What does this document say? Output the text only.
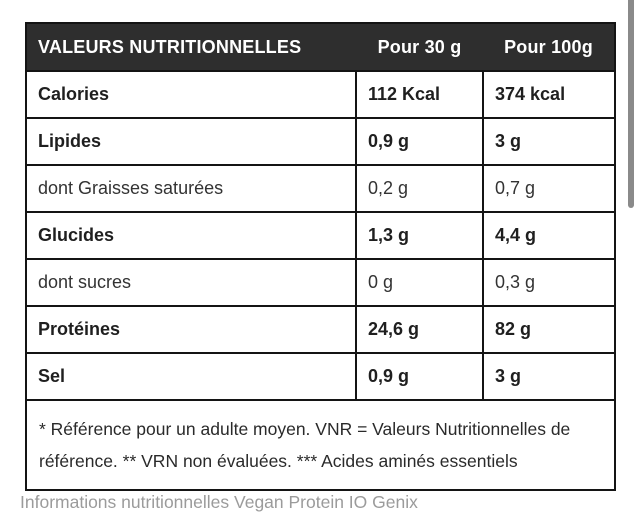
VALEURS NUTRITIONNELLES	Pour 30 g	Pour 100g
Calories	112 Kcal	374 kcal
Lipides	0,9 g	3 g
dont Graisses saturées	0,2 g	0,7 g
Glucides	1,3 g	4,4 g
dont sucres	0 g	0,3 g
Protéines	24,6 g	82 g
Sel	0,9 g	3 g
* Référence pour un adulte moyen. VNR = Valeurs Nutritionnelles de référence. ** VRN non évaluées. *** Acides aminés essentiels		
Informations nutritionnelles Vegan Protein IO Genix
